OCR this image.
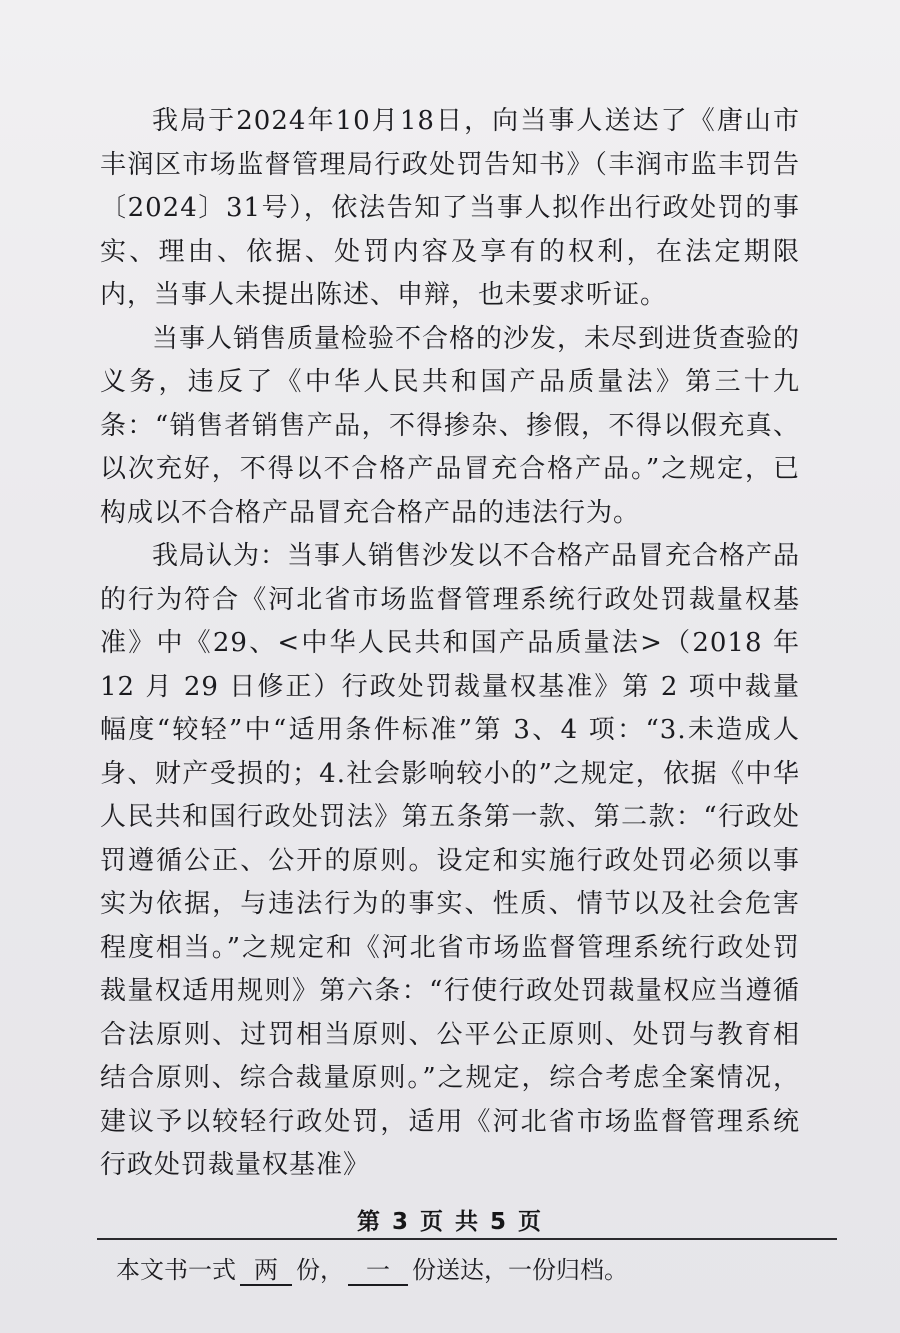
我局于2024年10月18日，向当事人送达了《唐山市丰润区市场监督管理局行政处罚告知书》（丰润市监丰罚告〔2024〕31号），依法告知了当事人拟作出行政处罚的事实、理由、依据、处罚内容及享有的权利，在法定期限内，当事人未提出陈述、申辩，也未要求听证。

当事人销售质量检验不合格的沙发，未尽到进货查验的义务，违反了《中华人民共和国产品质量法》第三十九条：“销售者销售产品，不得掺杂、掺假，不得以假充真、以次充好，不得以不合格产品冒充合格产品。”之规定，已构成以不合格产品冒充合格产品的违法行为。

我局认为：当事人销售沙发以不合格产品冒充合格产品的行为符合《河北省市场监督管理系统行政处罚裁量权基准》中《29、<中华人民共和国产品质量法>（2018 年 12 月 29 日修正）行政处罚裁量权基准》第 2 项中裁量幅度“较轻”中“适用条件标准”第 3、4 项：“3.未造成人身、财产受损的；4.社会影响较小的”之规定，依据《中华人民共和国行政处罚法》第五条第一款、第二款：“行政处罚遵循公正、公开的原则。设定和实施行政处罚必须以事实为依据，与违法行为的事实、性质、情节以及社会危害程度相当。”之规定和《河北省市场监督管理系统行政处罚裁量权适用规则》第六条：“行使行政处罚裁量权应当遵循合法原则、过罚相当原则、公平公正原则、处罚与教育相结合原则、综合裁量原则。”之规定，综合考虑全案情况，建议予以较轻行政处罚，适用《河北省市场监督管理系统行政处罚裁量权基准》

第 3 页 共 5 页
本文书一式 两 份， 一 份送达，一份归档。
